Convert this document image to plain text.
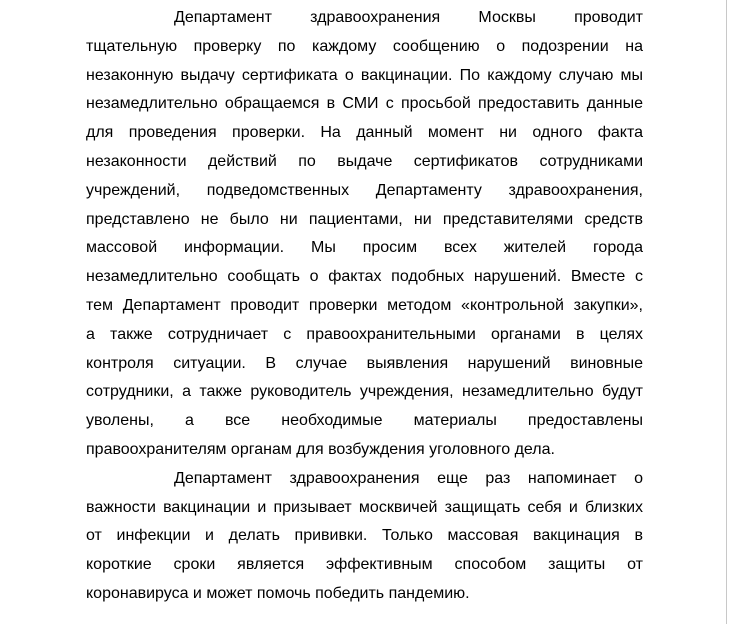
Департамент здравоохранения Москвы проводит
тщательную проверку по каждому сообщению о подозрении на
незаконную выдачу сертификата о вакцинации. По каждому случаю мы
незамедлительно обращаемся в СМИ с просьбой предоставить данные
для проведения проверки. На данный момент ни одного факта
незаконности действий по выдаче сертификатов сотрудниками
учреждений, подведомственных Департаменту здравоохранения,
представлено не было ни пациентами, ни представителями средств
массовой информации. Мы просим всех жителей города
незамедлительно сообщать о фактах подобных нарушений. Вместе с
тем Департамент проводит проверки методом «контрольной закупки»,
а также сотрудничает с правоохранительными органами в целях
контроля ситуации. В случае выявления нарушений виновные
сотрудники, а также руководитель учреждения, незамедлительно будут
уволены, а все необходимые материалы предоставлены
правоохранителям органам для возбуждения уголовного дела.
Департамент здравоохранения еще раз напоминает о
важности вакцинации и призывает москвичей защищать себя и близких
от инфекции и делать прививки. Только массовая вакцинация в
короткие сроки является эффективным способом защиты от
коронавируса и может помочь победить пандемию.
